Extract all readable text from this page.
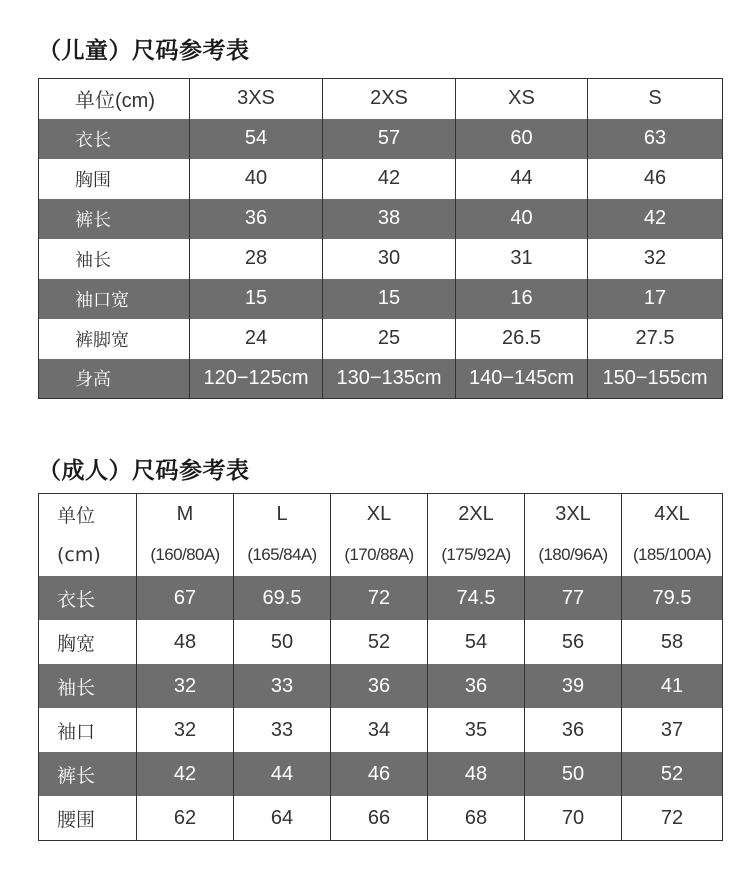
（儿童）尺码参考表
单位(cm)	3XS	2XS	XS	S
衣长	54	57	60	63
胸围	40	42	44	46
裤长	36	38	40	42
袖长	28	30	31	32
袖口宽	15	15	16	17
裤脚宽	24	25	26.5	27.5
身高	120−125cm	130−135cm	140−145cm	150−155cm
（成人）尺码参考表
单位	M	L	XL	2XL	3XL	4XL
(cm)	(160/80A)	(165/84A)	(170/88A)	(175/92A)	(180/96A)	(185/100A)
衣长	67	69.5	72	74.5	77	79.5
胸宽	48	50	52	54	56	58
袖长	32	33	36	36	39	41
袖口	32	33	34	35	36	37
裤长	42	44	46	48	50	52
腰围	62	64	66	68	70	72
